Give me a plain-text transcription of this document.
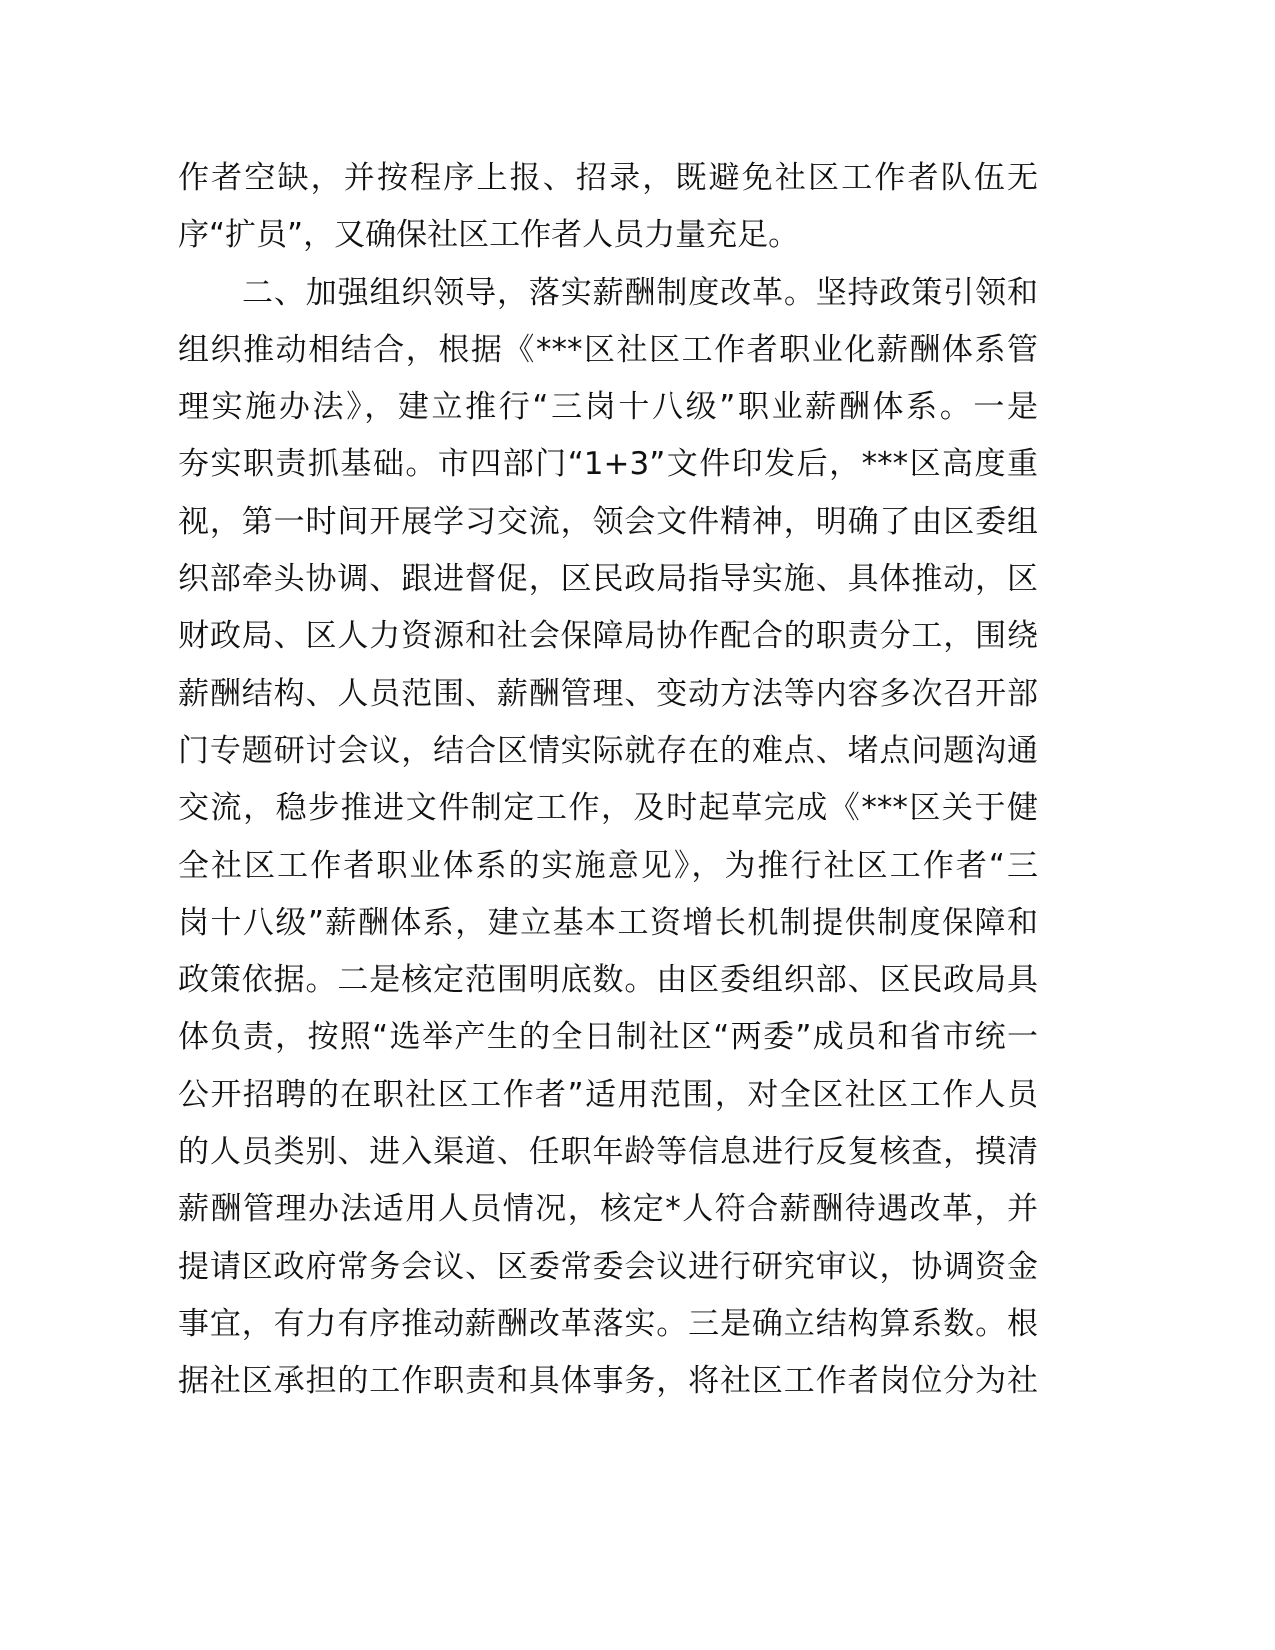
作者空缺，并按程序上报、招录，既避免社区工作者队伍无
序“扩员”，又确保社区工作者人员力量充足。
二、加强组织领导，落实薪酬制度改革。坚持政策引领和
组织推动相结合，根据《***区社区工作者职业化薪酬体系管
理实施办法》，建立推行“三岗十八级”职业薪酬体系。一是
夯实职责抓基础。市四部门“1+3”文件印发后，***区高度重
视，第一时间开展学习交流，领会文件精神，明确了由区委组
织部牵头协调、跟进督促，区民政局指导实施、具体推动，区
财政局、区人力资源和社会保障局协作配合的职责分工，围绕
薪酬结构、人员范围、薪酬管理、变动方法等内容多次召开部
门专题研讨会议，结合区情实际就存在的难点、堵点问题沟通
交流，稳步推进文件制定工作，及时起草完成《***区关于健
全社区工作者职业体系的实施意见》，为推行社区工作者“三
岗十八级”薪酬体系，建立基本工资增长机制提供制度保障和
政策依据。二是核定范围明底数。由区委组织部、区民政局具
体负责，按照“选举产生的全日制社区“两委”成员和省市统一
公开招聘的在职社区工作者”适用范围，对全区社区工作人员
的人员类别、进入渠道、任职年龄等信息进行反复核查，摸清
薪酬管理办法适用人员情况，核定*人符合薪酬待遇改革，并
提请区政府常务会议、区委常委会议进行研究审议，协调资金
事宜，有力有序推动薪酬改革落实。三是确立结构算系数。根
据社区承担的工作职责和具体事务，将社区工作者岗位分为社
